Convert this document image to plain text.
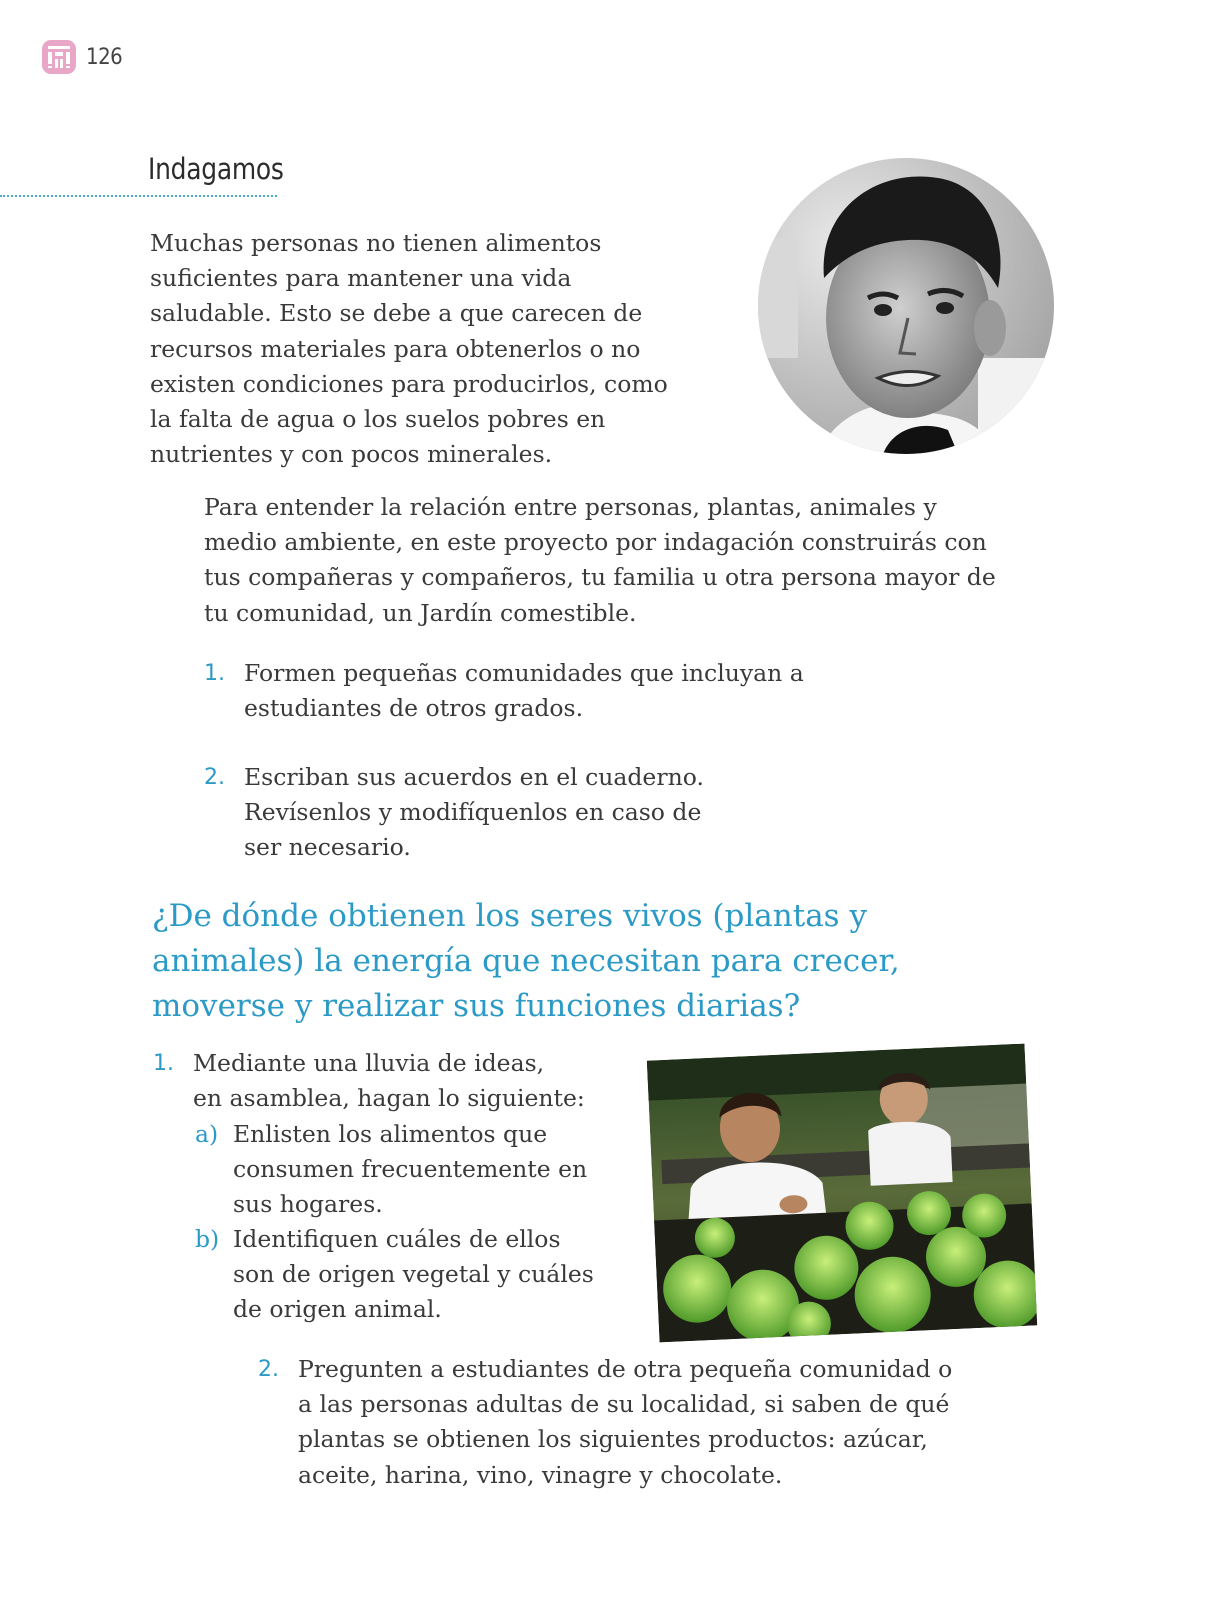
126
Indagamos
Muchas personas no tienen alimentos
suficientes para mantener una vida
saludable. Esto se debe a que carecen de
recursos materiales para obtenerlos o no
existen condiciones para producirlos, como
la falta de agua o los suelos pobres en
nutrientes y con pocos minerales.
Para entender la relación entre personas, plantas, animales y
medio ambiente, en este proyecto por indagación construirás con
tus compañeras y compañeros, tu familia u otra persona mayor de
tu comunidad, un Jardín comestible.
1. Formen pequeñas comunidades que incluyan a
estudiantes de otros grados.
2. Escriban sus acuerdos en el cuaderno.
Revísenlos y modifíquenlos en caso de
ser necesario.
¿De dónde obtienen los seres vivos (plantas y
animales) la energía que necesitan para crecer,
moverse y realizar sus funciones diarias?
1. Mediante una lluvia de ideas,
en asamblea, hagan lo siguiente:
a) Enlisten los alimentos que
consumen frecuentemente en
sus hogares.
b) Identifiquen cuáles de ellos
son de origen vegetal y cuáles
de origen animal.
2. Pregunten a estudiantes de otra pequeña comunidad o
a las personas adultas de su localidad, si saben de qué
plantas se obtienen los siguientes productos: azúcar,
aceite, harina, vino, vinagre y chocolate.
